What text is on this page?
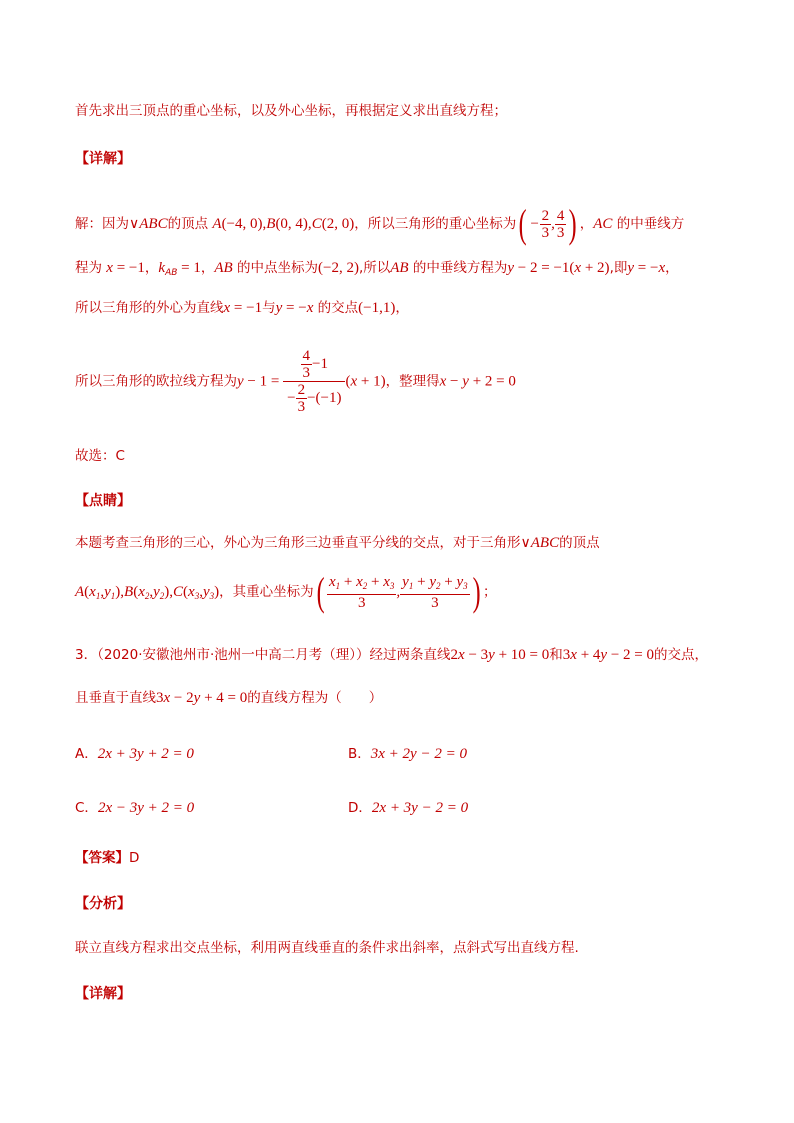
首先求出三顶点的重心坐标，以及外心坐标，再根据定义求出直线方程；
【详解】
解：因为∨ABC的顶点 A(−4, 0),B(0, 4),C(2, 0)，所以三角形的重心坐标为( − $\frac{2}{3}$ , $\frac{4}{3}$ ) ，AC 的中垂线方
程为 x = −1，$k_{AB} = 1$，AB 的中点坐标为(−2, 2),所以AB 的中垂线方程为y − 2 = −1(x + 2),即y = −x，
所以三角形的外心为直线x = −1与y = −x 的交点(−1,1)，
所以三角形的欧拉线方程为$y - 1 = \frac{\frac{4}{3} -1}{- \frac{2}{3} -(-1)} (x + 1)$，整理得x − y + 2 = 0
故选：C
【点睛】
本题考查三角形的三心，外心为三角形三边垂直平分线的交点，对于三角形∨ABC的顶点
$A(x_1,y_1),B(x_2,y_2),C(x_3,y_3)$，其重心坐标为( $\frac{x_1 + x_2 + x_3}{3}$ , $\frac{y_1 + y_2 + y_3}{3}$ ) ；
3．（2020·安徽池州市·池州一中高二月考（理））经过两条直线2x − 3y + 10 = 0和3x + 4y − 2 = 0的交点，
且垂直于直线3x − 2y + 4 = 0的直线方程为（　　）
A．2x + 3y + 2 = 0	B．3x + 2y − 2 = 0
C．2x − 3y + 2 = 0	D．2x + 3y − 2 = 0
【答案】D
【分析】
联立直线方程求出交点坐标，利用两直线垂直的条件求出斜率，点斜式写出直线方程.
【详解】
